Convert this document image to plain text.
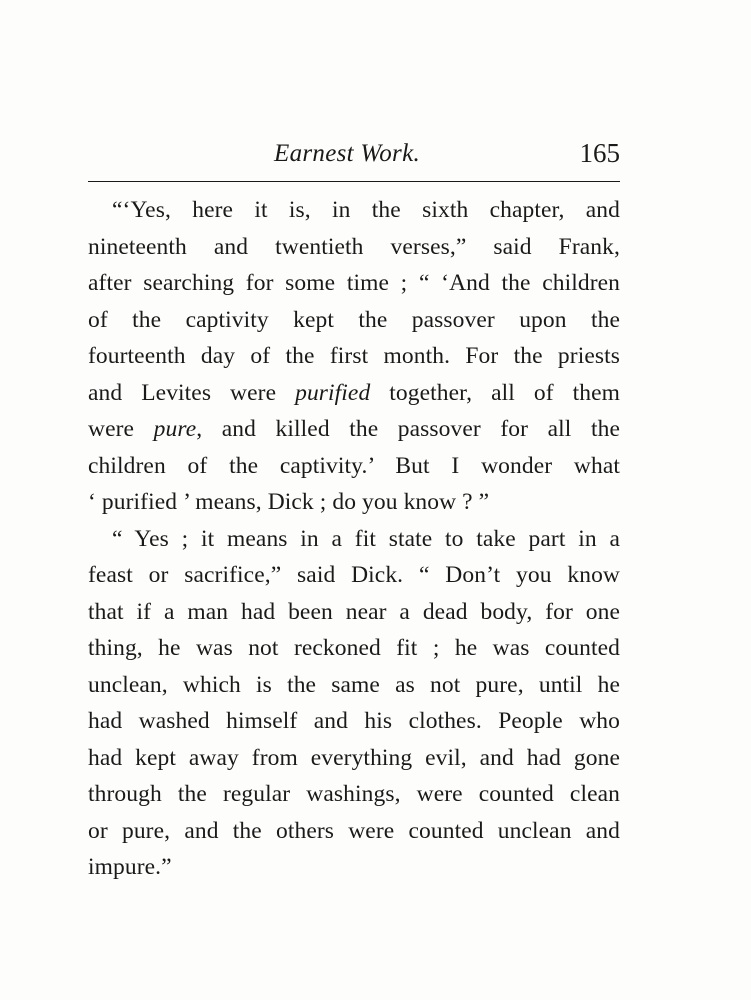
Earnest Work.	165
“‘Yes, here it is, in the sixth chapter, and
nineteenth and twentieth verses,” said Frank,
after searching for some time ; “ ‘And the children
of the captivity kept the passover upon the
fourteenth day of the first month. For the priests
and Levites were purified together, all of them
were pure, and killed the passover for all the
children of the captivity.’ But I wonder what
‘ purified ’ means, Dick ; do you know ? ”
“ Yes ; it means in a fit state to take part in a
feast or sacrifice,” said Dick. “ Don’t you know
that if a man had been near a dead body, for one
thing, he was not reckoned fit ; he was counted
unclean, which is the same as not pure, until he
had washed himself and his clothes. People who
had kept away from everything evil, and had gone
through the regular washings, were counted clean
or pure, and the others were counted unclean and
impure.”
